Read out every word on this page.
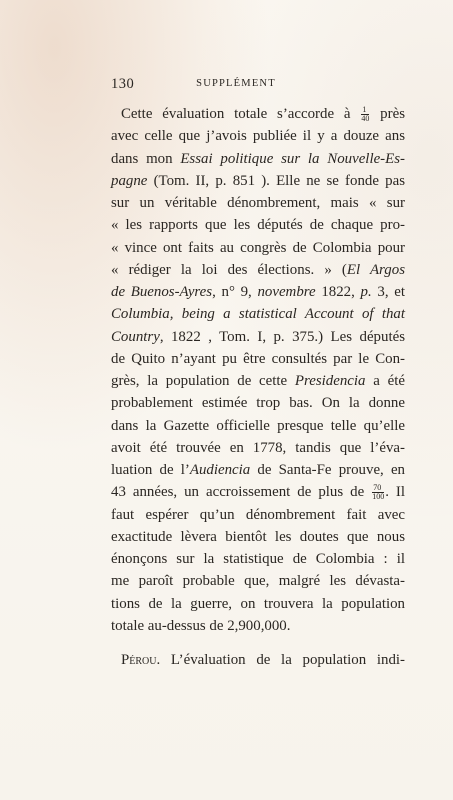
130	SUPPLÉMENT
Cette évaluation totale s’accorde à $\frac{1}{40}$ près
avec celle que j’avois publiée il y a douze ans
dans mon Essai politique sur la Nouvelle-Es-
pagne (Tom. II, p. 851 ). Elle ne se fonde pas
sur un véritable dénombrement, mais « sur
« les rapports que les députés de chaque pro-
« vince ont faits au congrès de Colombia pour
« rédiger la loi des élections. » (El Argos
de Buenos-Ayres, n° 9, novembre 1822, p. 3, et
Columbia, being a statistical Account of that
Country, 1822 , Tom. I, p. 375.) Les députés
de Quito n’ayant pu être consultés par le Con-
grès, la population de cette Presidencia a été
probablement estimée trop bas. On la donne
dans la Gazette officielle presque telle qu’elle
avoit été trouvée en 1778, tandis que l’éva-
luation de l’Audiencia de Santa-Fe prouve, en
43 années, un accroissement de plus de $\frac{70}{100}$ . Il
faut espérer qu’un dénombrement fait avec
exactitude lèvera bientôt les doutes que nous
énonçons sur la statistique de Colombia : il
me paroît probable que, malgré les dévasta-
tions de la guerre, on trouvera la population
totale au-dessus de 2,900,000.
Pérou. L’évaluation de la population indi-
